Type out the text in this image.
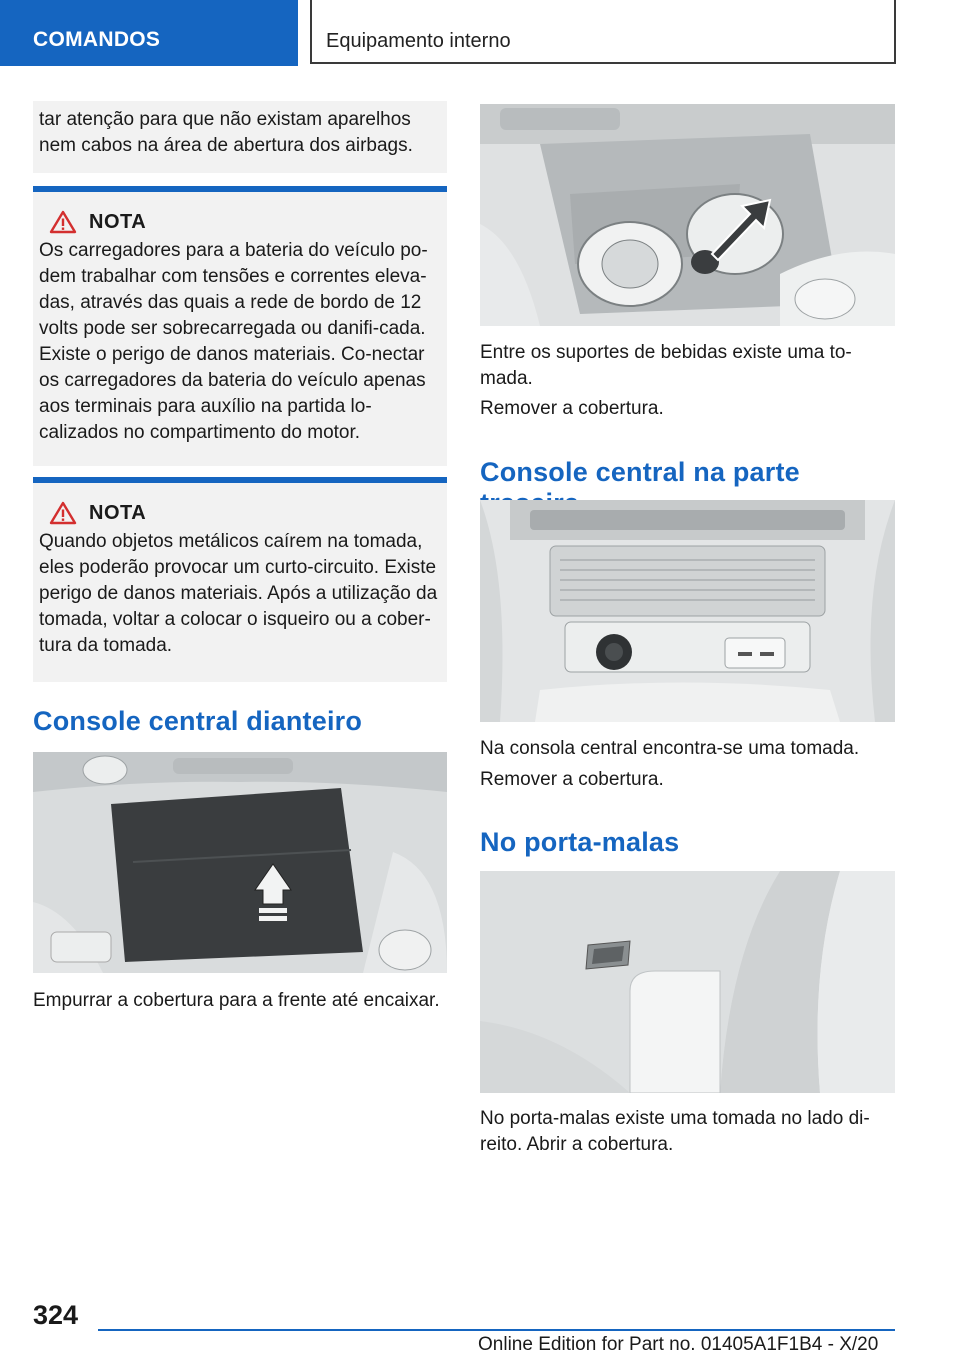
COMANDOS	Equipamento interno

tar atenção para que não existam aparelhos nem cabos na área de abertura dos airbags.

NOTA

Os carregadores para a bateria do veículo po-dem trabalhar com tensões e correntes eleva-das, através das quais a rede de bordo de 12 volts pode ser sobrecarregada ou danifi-cada. Existe o perigo de danos materiais. Co-nectar os carregadores da bateria do veículo apenas aos terminais para auxílio na partida lo-calizados no compartimento do motor.

NOTA

Quando objetos metálicos caírem na tomada, eles poderão provocar um curto-circuito. Existe perigo de danos materiais. Após a utilização da tomada, voltar a colocar o isqueiro ou a cober-tura da tomada.

Console central dianteiro

Empurrar a cobertura para a frente até encaixar.

Entre os suportes de bebidas existe uma to-mada.

Remover a cobertura.

Console central na parte

Na consola central encontra-se uma tomada.

Remover a cobertura.

No porta-malas

No porta-malas existe uma tomada no lado di-reito. Abrir a cobertura.

324
Online Edition for Part no. 01405A1F1B4 - X/20
